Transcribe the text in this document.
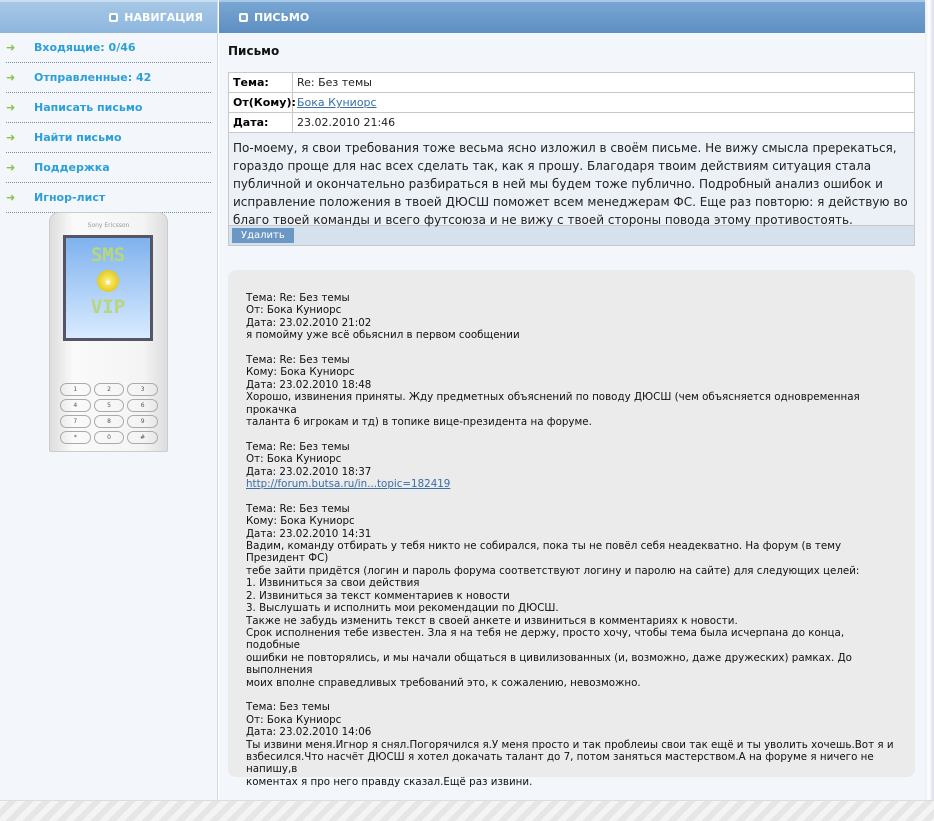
НАВИГАЦИЯ
➜	Входящие: 0/46
➜	Отправленные: 42
➜	Написать письмо
➜	Найти письмо
➜	Поддержка
➜	Игнор-лист
Sony Ericsson
SMS
★
VIP
1	2	3
4	5	6
7	8	9
*	0	#
ПИСЬМО
Письмо
Тема:	Re: Без темы
От(Кому): Бока Куниорс
Дата:	23.02.2010 21:46
По-моему, я свои требования тоже весьма ясно изложил в своём письме. Не вижу смысла пререкаться, гораздо проще для нас всех сделать так, как я прошу. Благодаря твоим действиям ситуация стала публичной и окончательно разбираться в ней мы будем тоже публично. Подробный анализ ошибок и исправление положения в твоей ДЮСШ поможет всем менеджерам ФС. Еще раз повторю: я действую во благо твоей команды и всего футсоюза и не вижу с твоей стороны повода этому противостоять.
Удалить
Тема: Re: Без темы
От: Бока Куниорс
Дата: 23.02.2010 21:02
я помойму уже всё обьяснил в первом сообщении
Тема: Re: Без темы
Кому: Бока Куниорс
Дата: 23.02.2010 18:48
Хорошо, извинения приняты. Жду предметных объяснений по поводу ДЮСШ (чем объясняется одновременная прокачка
таланта 6 игрокам и тд) в топике вице-президента на форуме.
Тема: Re: Без темы
От: Бока Куниорс
Дата: 23.02.2010 18:37
http://forum.butsa.ru/in...topic=182419
Тема: Re: Без темы
Кому: Бока Куниорс
Дата: 23.02.2010 14:31
Вадим, команду отбирать у тебя никто не собирался, пока ты не повёл себя неадекватно. На форум (в тему Президент ФС)
тебе зайти придётся (логин и пароль форума соответствуют логину и паролю на сайте) для следующих целей:
1. Извиниться за свои действия
2. Извиниться за текст комментариев к новости
3. Выслушать и исполнить мои рекомендации по ДЮСШ.
Также не забудь изменить текст в своей анкете и извиниться в комментариях к новости.
Срок исполнения тебе известен. Зла я на тебя не держу, просто хочу, чтобы тема была исчерпана до конца, подобные
ошибки не повторялись, и мы начали общаться в цивилизованных (и, возможно, даже дружеских) рамках. До выполнения
моих вполне справедливых требований это, к сожалению, невозможно.
Тема: Без темы
От: Бока Куниорс
Дата: 23.02.2010 14:06
Ты извини меня.Игнор я снял.Погорячился я.У меня просто и так проблеиы свои так ещё и ты уволить хочешь.Вот я и
взбесился.Что насчёт ДЮСШ я хотел докачать талант до 7, потом заняться мастерством.А на форуме я ничего не напишу,в
коментах я про него правду сказал.Ещё раз извини.
